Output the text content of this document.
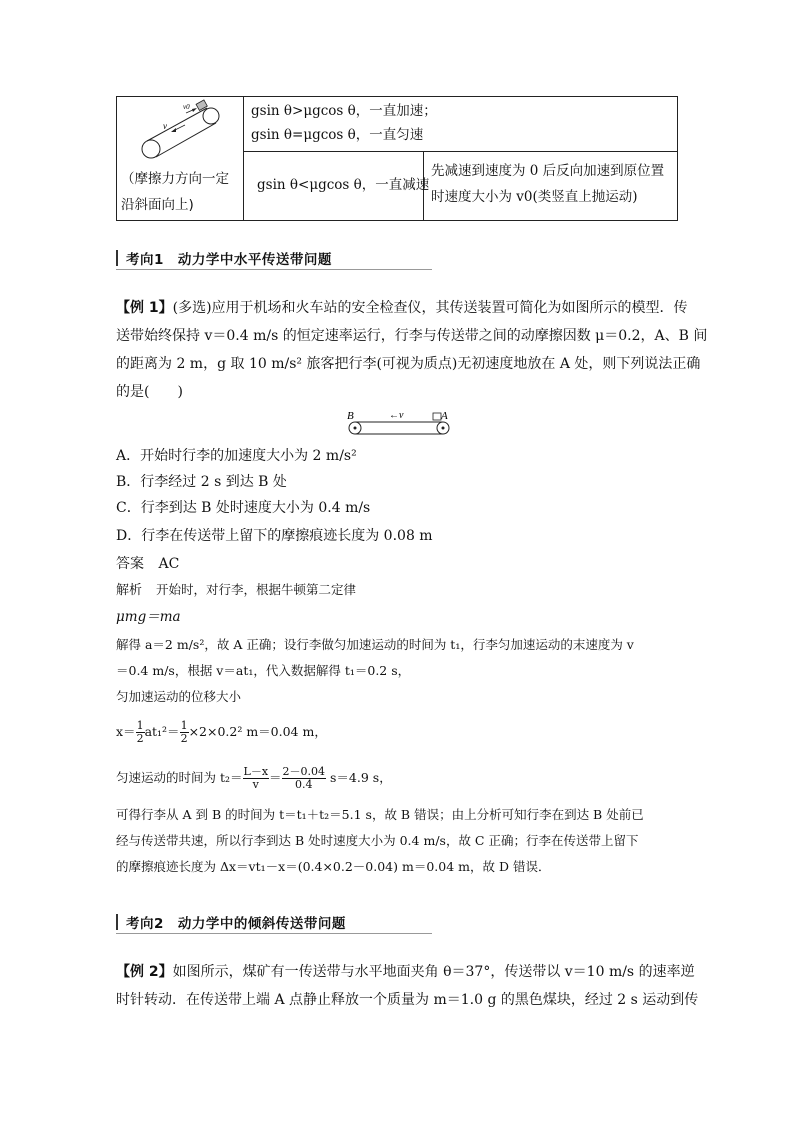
v
v0
（摩擦力方向一定
沿斜面向上)
gsin θ>μgcos θ，一直加速；
gsin θ=μgcos θ，一直匀速
gsin θ<μgcos θ，一直减速
先减速到速度为 0 后反向加速到原位置
时速度大小为 v0(类竖直上抛运动)
考向1　动力学中水平传送带问题
【例 1】(多选)应用于机场和火车站的安全检查仪，其传送装置可简化为如图所示的模型．传
送带始终保持 v＝0.4 m/s 的恒定速率运行，行李与传送带之间的动摩擦因数 μ＝0.2，A、B 间
的距离为 2 m，g 取 10 m/s² 旅客把行李(可视为质点)无初速度地放在 A 处，则下列说法正确
的是(　　)
B	A
←v
A．开始时行李的加速度大小为 2 m/s²
B．行李经过 2 s 到达 B 处
C．行李到达 B 处时速度大小为 0.4 m/s
D．行李在传送带上留下的摩擦痕迹长度为 0.08 m
答案 AC
解析 开始时，对行李，根据牛顿第二定律
μmg＝ma
解得 a＝2 m/s²，故 A 正确；设行李做匀加速运动的时间为 t₁，行李匀加速运动的末速度为 v
＝0.4 m/s，根据 v＝at₁，代入数据解得 t₁＝0.2 s，
匀加速运动的位移大小
$x= \frac{1}{2} at_1^2= \frac{1}{2} \times 2\times 0.2^2$ m＝0.04 m，
匀速运动的时间为 $t_2= \frac{L-x}{v} = \frac{2-0.04}{0.4} s=4.9$ s，
可得行李从 A 到 B 的时间为 t＝t₁＋t₂＝5.1 s，故 B 错误；由上分析可知行李在到达 B 处前已
经与传送带共速，所以行李到达 B 处时速度大小为 0.4 m/s，故 C 正确；行李在传送带上留下
的摩擦痕迹长度为 Δx＝vt₁－x＝(0.4×0.2－0.04) m＝0.04 m，故 D 错误．
考向2　动力学中的倾斜传送带问题
【例 2】如图所示，煤矿有一传送带与水平地面夹角 θ＝37°，传送带以 v＝10 m/s 的速率逆
时针转动．在传送带上端 A 点静止释放一个质量为 m＝1.0 g 的黑色煤块，经过 2 s 运动到传
